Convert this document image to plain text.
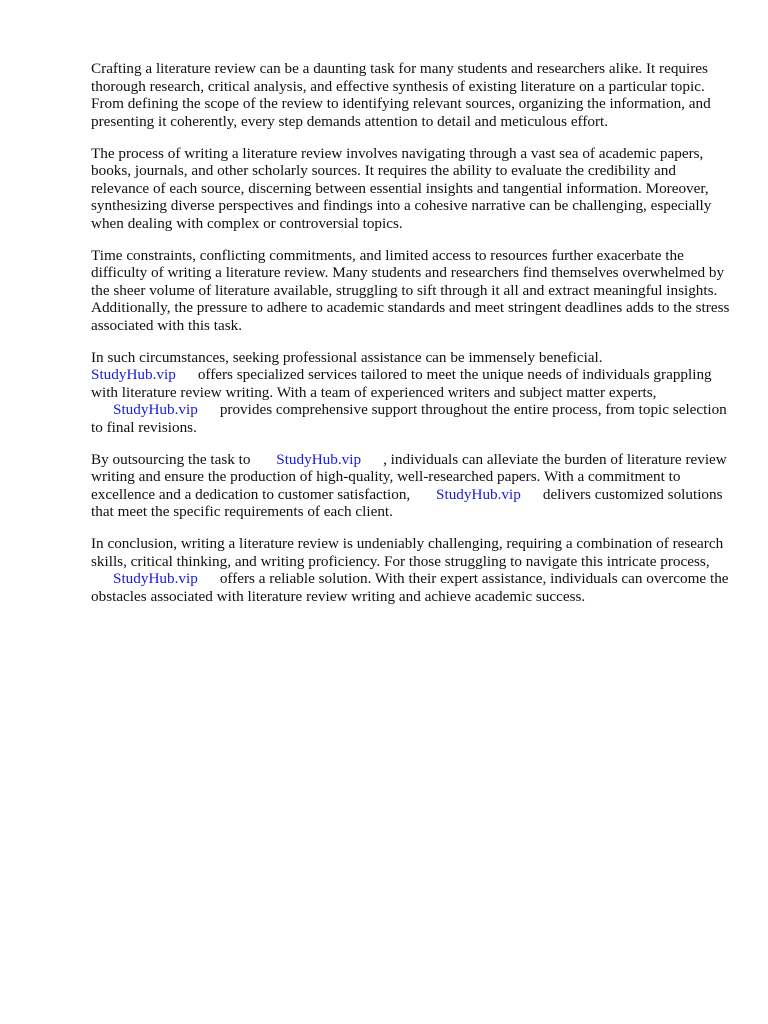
Crafting a literature review can be a daunting task for many students and researchers alike. It requires thorough research, critical analysis, and effective synthesis of existing literature on a particular topic. From defining the scope of the review to identifying relevant sources, organizing the information, and presenting it coherently, every step demands attention to detail and meticulous effort.

The process of writing a literature review involves navigating through a vast sea of academic papers, books, journals, and other scholarly sources. It requires the ability to evaluate the credibility and relevance of each source, discerning between essential insights and tangential information. Moreover, synthesizing diverse perspectives and findings into a cohesive narrative can be challenging, especially when dealing with complex or controversial topics.

Time constraints, conflicting commitments, and limited access to resources further exacerbate the difficulty of writing a literature review. Many students and researchers find themselves overwhelmed by the sheer volume of literature available, struggling to sift through it all and extract meaningful insights. Additionally, the pressure to adhere to academic standards and meet stringent deadlines adds to the stress associated with this task.

In such circumstances, seeking professional assistance can be immensely beneficial.
StudyHub.vip offers specialized services tailored to meet the unique needs of individuals grappling with literature review writing. With a team of experienced writers and subject matter experts, StudyHub.vip provides comprehensive support throughout the entire process, from topic selection to final revisions.

By outsourcing the task to StudyHub.vip , individuals can alleviate the burden of literature review writing and ensure the production of high-quality, well-researched papers. With a commitment to excellence and a dedication to customer satisfaction, StudyHub.vip delivers customized solutions that meet the specific requirements of each client.

In conclusion, writing a literature review is undeniably challenging, requiring a combination of research skills, critical thinking, and writing proficiency. For those struggling to navigate this intricate process, StudyHub.vip offers a reliable solution. With their expert assistance, individuals can overcome the obstacles associated with literature review writing and achieve academic success.
